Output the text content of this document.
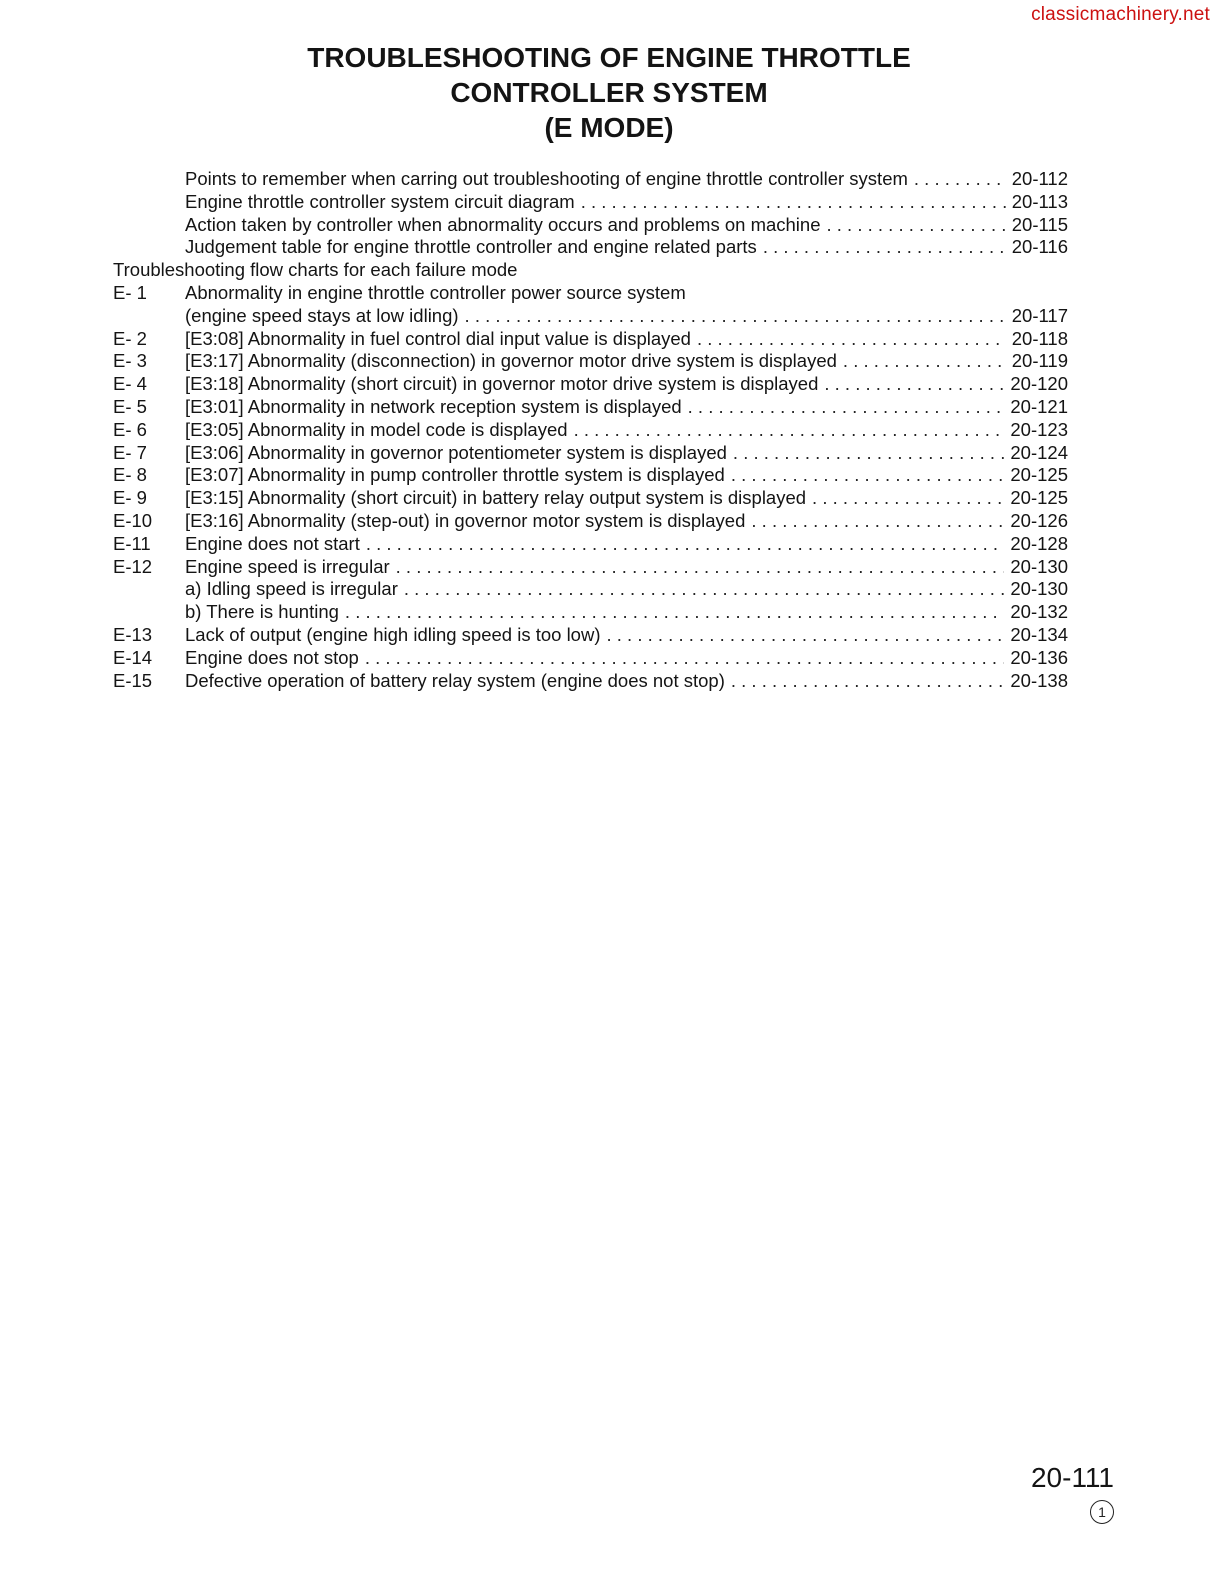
classicmachinery.net
TROUBLESHOOTING OF ENGINE THROTTLE
CONTROLLER SYSTEM
(E MODE)
Points to remember when carring out troubleshooting of engine throttle controller system . . .	20-112
Engine throttle controller system circuit diagram . . .	20-113
Action taken by controller when abnormality occurs and problems on machine . . .	20-115
Judgement table for engine throttle controller and engine related parts . . .	20-116
Troubleshooting flow charts for each failure mode
E- 1	Abnormality in engine throttle controller power source system
(engine speed stays at low idling) . . .	20-117
E- 2	[E3:08] Abnormality in fuel control dial input value is displayed . . .	20-118
E- 3	[E3:17] Abnormality (disconnection) in governor motor drive system is displayed . . .	20-119
E- 4	[E3:18] Abnormality (short circuit) in governor motor drive system is displayed . . .	20-120
E- 5	[E3:01] Abnormality in network reception system is displayed . . .	20-121
E- 6	[E3:05] Abnormality in model code is displayed . . .	20-123
E- 7	[E3:06] Abnormality in governor potentiometer system is displayed . . .	20-124
E- 8	[E3:07] Abnormality in pump controller throttle system is displayed . . .	20-125
E- 9	[E3:15] Abnormality (short circuit) in battery relay output system is displayed . . .	20-125
E-10	[E3:16] Abnormality (step-out) in governor motor system is displayed . . .	20-126
E-11	Engine does not start . . .	20-128
E-12	Engine speed is irregular . . .	20-130
a) Idling speed is irregular . . .	20-130
b) There is hunting . . .	20-132
E-13	Lack of output (engine high idling speed is too low) . . .	20-134
E-14	Engine does not stop . . .	20-136
E-15	Defective operation of battery relay system (engine does not stop) . . .	20-138
20-111
1
